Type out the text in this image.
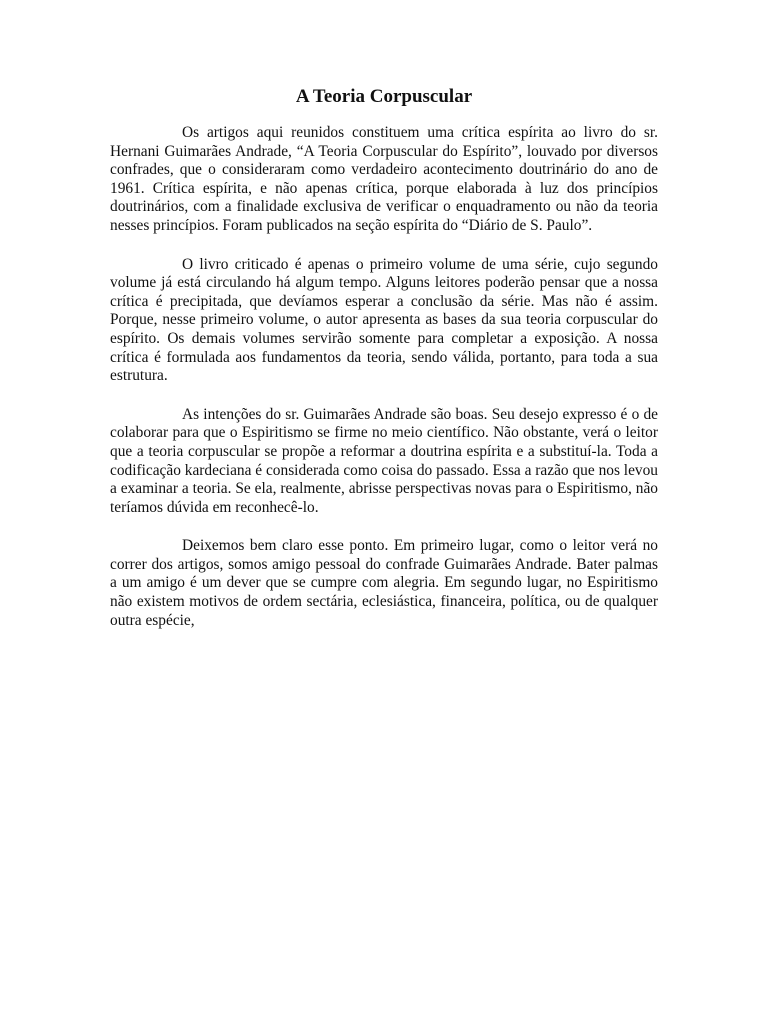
A Teoria Corpuscular

Os artigos aqui reunidos constituem uma crítica espírita ao livro do sr. Hernani Guimarães Andrade, “A Teoria Corpuscular do Espírito”, louvado por diversos confrades, que o consideraram como verdadeiro acontecimento doutrinário do ano de 1961. Crítica espírita, e não apenas crítica, porque elaborada à luz dos princípios doutrinários, com a finalidade exclusiva de verificar o enquadramento ou não da teoria nesses princípios. Foram publicados na seção espírita do “Diário de S. Paulo”.

O livro criticado é apenas o primeiro volume de uma série, cujo segundo volume já está circulando há algum tempo. Alguns leitores poderão pensar que a nossa crítica é precipitada, que devíamos esperar a conclusão da série. Mas não é assim. Porque, nesse primeiro volume, o autor apresenta as bases da sua teoria corpuscular do espírito. Os demais volumes servirão somente para completar a exposição. A nossa crítica é formulada aos fundamentos da teoria, sendo válida, portanto, para toda a sua estrutura.

As intenções do sr. Guimarães Andrade são boas. Seu desejo expresso é o de colaborar para que o Espiritismo se firme no meio científico. Não obstante, verá o leitor que a teoria corpuscular se propõe a reformar a doutrina espírita e a substituí-la. Toda a codificação kardeciana é considerada como coisa do passado. Essa a razão que nos levou a examinar a teoria. Se ela, realmente, abrisse perspectivas novas para o Espiritismo, não teríamos dúvida em reconhecê-lo.

Deixemos bem claro esse ponto. Em primeiro lugar, como o leitor verá no correr dos artigos, somos amigo pessoal do confrade Guimarães Andrade. Bater palmas a um amigo é um dever que se cumpre com alegria. Em segundo lugar, no Espiritismo não existem motivos de ordem sectária, eclesiástica, financeira, política, ou de qualquer outra espécie,
